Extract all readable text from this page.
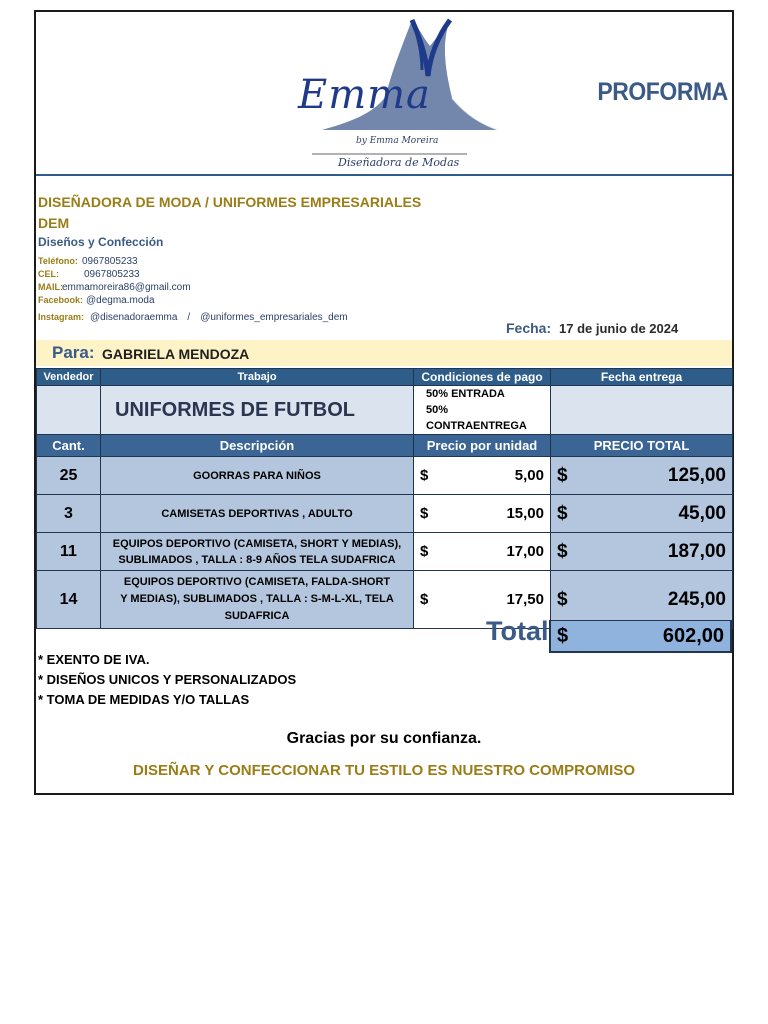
Emma
by Emma Moreira
Diseñadora de Modas
PROFORMA
DISEÑADORA DE MODA / UNIFORMES EMPRESARIALES
DEM
Diseños y Confección
Teléfono: 0967805233
CEL:	0967805233
MAIL:emmamoreira86@gmail.com
Facebook: @degma.moda
Instagram: @disenadoraemma / @uniformes_empresariales_dem
Fecha: 17 de junio de 2024
Para: GABRIELA MENDOZA
Vendedor	Trabajo	Condiciones de pago	Fecha entrega
	UNIFORMES DE FUTBOL	50% ENTRADA
50% CONTRAENTREGA	

Cant.	Descripción	Precio por unidad	PRECIO TOTAL
25	GOORRAS PARA NIÑOS	$ 5,00	$ 125,00

3	CAMISETAS DEPORTIVAS , ADULTO	$ 15,00	$ 45,00

11	EQUIPOS DEPORTIVO (CAMISETA, SHORT Y MEDIAS), SUBLIMADOS , TALLA : 8-9 AÑOS TELA SUDAFRICA	$ 17,00	$ 187,00

14	EQUIPOS DEPORTIVO (CAMISETA, FALDA-SHORT Y MEDIAS), SUBLIMADOS , TALLA : S-M-L-XL, TELA SUDAFRICA	$ 17,50	$ 245,00
Total $	602,00
* EXENTO DE IVA.
* DISEÑOS UNICOS Y PERSONALIZADOS
* TOMA DE MEDIDAS Y/O TALLAS
Gracias por su confianza.
DISEÑAR Y CONFECCIONAR TU ESTILO ES NUESTRO COMPROMISO
